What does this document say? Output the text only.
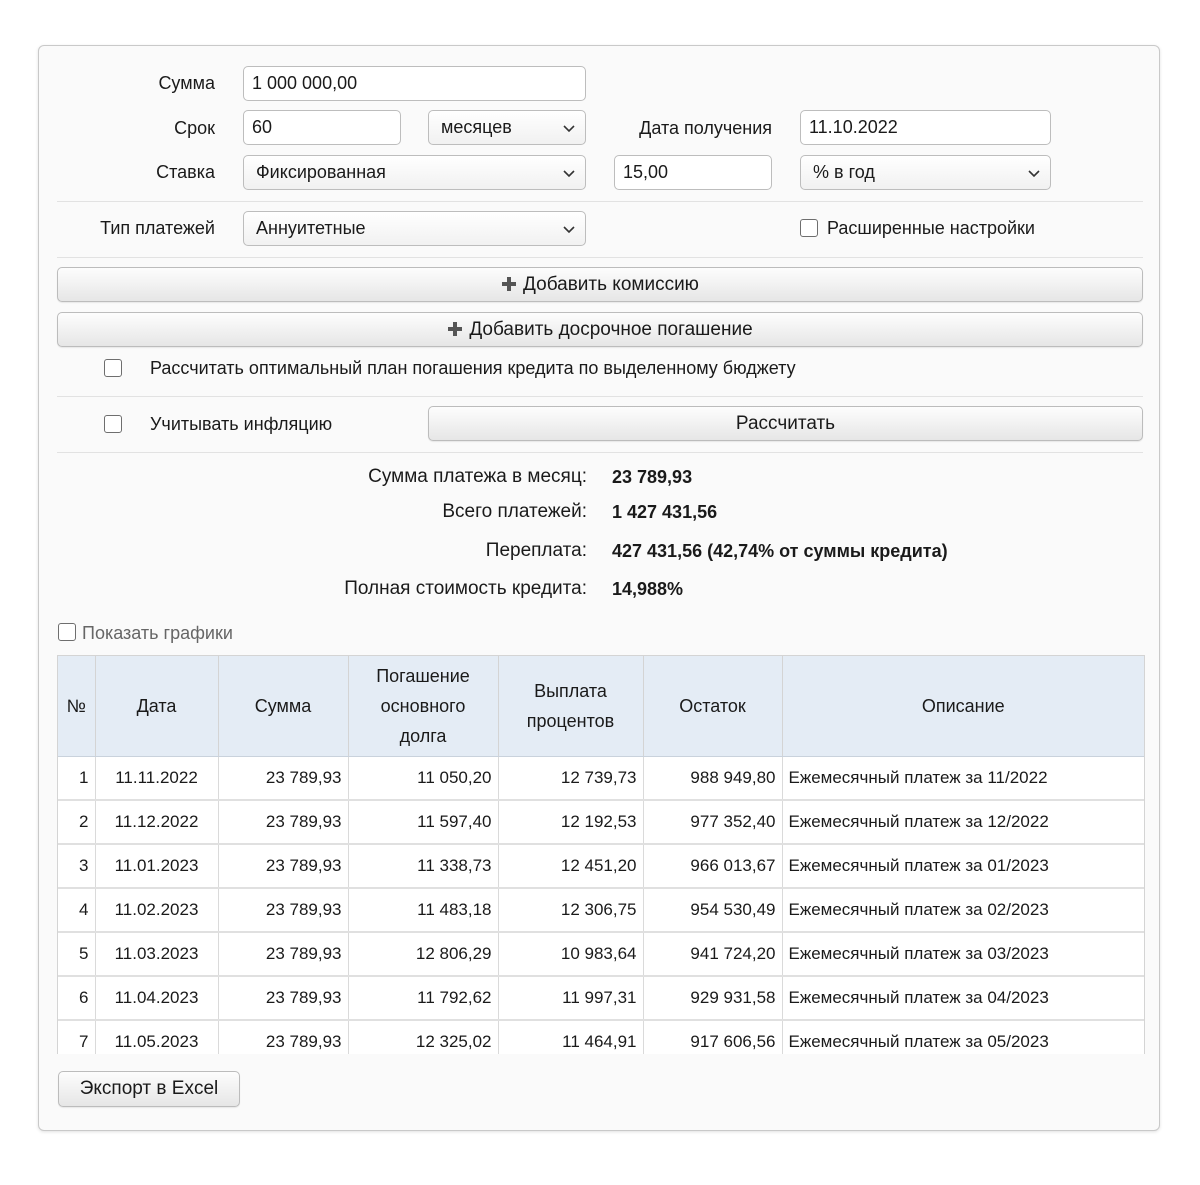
Сумма	1 000 000,00
Срок	60	месяцев	Дата получения	11.10.2022
Ставка	Фиксированная	15,00	% в год
Тип платежей	Аннуитетные	Расширенные настройки
Добавить комиссию
Добавить досрочное погашение
Рассчитать оптимальный план погашения кредита по выделенному бюджету
Учитывать инфляцию	Рассчитать
Сумма платежа в месяц: 23 789,93
Всего платежей: 1 427 431,56
Переплата: 427 431,56 (42,74% от суммы кредита)
Полная стоимость кредита: 14,988%
Показать графики
№	Дата	Сумма	Погашение основного долга	Выплата процентов	Остаток	Описание
1	11.11.2022	23 789,93	11 050,20	12 739,73	988 949,80	Ежемесячный платеж за 11/2022
2	11.12.2022	23 789,93	11 597,40	12 192,53	977 352,40	Ежемесячный платеж за 12/2022
3	11.01.2023	23 789,93	11 338,73	12 451,20	966 013,67	Ежемесячный платеж за 01/2023
4	11.02.2023	23 789,93	11 483,18	12 306,75	954 530,49	Ежемесячный платеж за 02/2023
5	11.03.2023	23 789,93	12 806,29	10 983,64	941 724,20	Ежемесячный платеж за 03/2023
6	11.04.2023	23 789,93	11 792,62	11 997,31	929 931,58	Ежемесячный платеж за 04/2023
7	11.05.2023	23 789,93	12 325,02	11 464,91	917 606,56	Ежемесячный платеж за 05/2023
Экспорт в Excel
